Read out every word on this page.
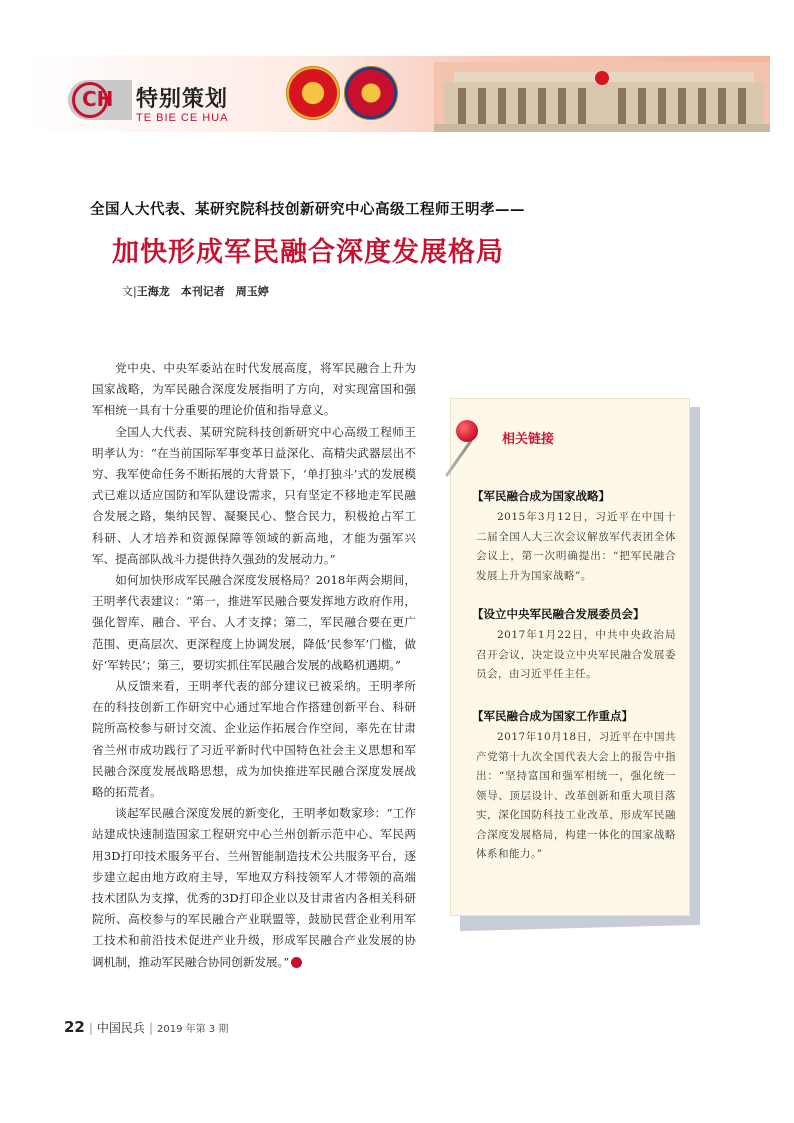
CH 特别策划
TE BIE CE HUA
全国人大代表、某研究院科技创新研究中心高级工程师王明孝——
加快形成军民融合深度发展格局
文|王海龙　本刊记者　周玉婷

党中央、中央军委站在时代发展高度，将军民融合上升为国家战略，为军民融合深度发展指明了方向，对实现富国和强军相统一具有十分重要的理论价值和指导意义。

全国人大代表、某研究院科技创新研究中心高级工程师王明孝认为：“在当前国际军事变革日益深化、高精尖武器层出不穷、我军使命任务不断拓展的大背景下，‘单打独斗’式的发展模式已难以适应国防和军队建设需求，只有坚定不移地走军民融合发展之路，集纳民智、凝聚民心、整合民力，积极抢占军工科研、人才培养和资源保障等领域的新高地，才能为强军兴军、提高部队战斗力提供持久强劲的发展动力。”

如何加快形成军民融合深度发展格局？2018年两会期间，王明孝代表建议：“第一，推进军民融合要发挥地方政府作用，强化智库、融合、平台、人才支撑；第二，军民融合要在更广范围、更高层次、更深程度上协调发展，降低‘民参军’门槛，做好‘军转民’；第三，要切实抓住军民融合发展的战略机遇期。”

从反馈来看，王明孝代表的部分建议已被采纳。王明孝所在的科技创新工作研究中心通过军地合作搭建创新平台、科研院所高校参与研讨交流、企业运作拓展合作空间，率先在甘肃省兰州市成功践行了习近平新时代中国特色社会主义思想和军民融合深度发展战略思想，成为加快推进军民融合深度发展战略的拓荒者。

谈起军民融合深度发展的新变化，王明孝如数家珍：“工作站建成快速制造国家工程研究中心兰州创新示范中心、军民两用3D打印技术服务平台、兰州智能制造技术公共服务平台，逐步建立起由地方政府主导，军地双方科技领军人才带领的高端技术团队为支撑，优秀的3D打印企业以及甘肃省内各相关科研院所、高校参与的军民融合产业联盟等，鼓励民营企业利用军工技术和前沿技术促进产业升级，形成军民融合产业发展的协调机制，推动军民融合协同创新发展。”

相关链接
【军民融合成为国家战略】
2015年3月12日，习近平在中国十二届全国人大三次会议解放军代表团全体会议上，第一次明确提出：“把军民融合发展上升为国家战略”。
【设立中央军民融合发展委员会】
2017年1月22日，中共中央政治局召开会议，决定设立中央军民融合发展委员会，由习近平任主任。
【军民融合成为国家工作重点】
2017年10月18日，习近平在中国共产党第十九次全国代表大会上的报告中指出：“坚持富国和强军相统一，强化统一领导、顶层设计、改革创新和重大项目落实，深化国防科技工业改革，形成军民融合深度发展格局，构建一体化的国家战略体系和能力。”
22 | 中国民兵 | 2019 年第 3 期
